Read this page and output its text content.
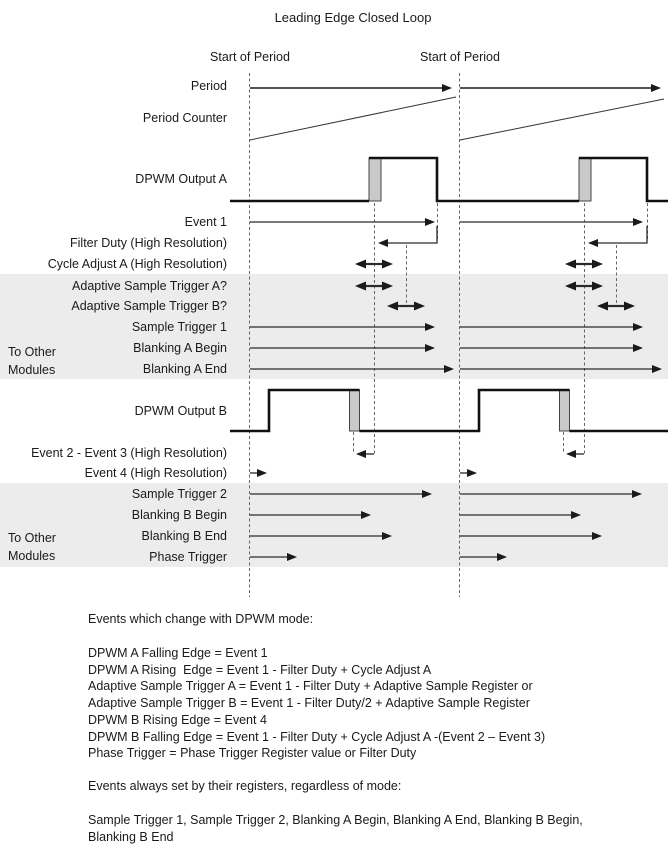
Leading Edge Closed Loop
Start of Period	Start of Period
Period
Period Counter
DPWM Output A
Event 1
Filter Duty (High Resolution)
Cycle Adjust A (High Resolution)
Adaptive Sample Trigger A?
Adaptive Sample Trigger B?
Sample Trigger 1
Blanking A Begin
Blanking A End
To Other Modules
DPWM Output B
Event 2 - Event 3 (High Resolution)
Event 4 (High Resolution)
Sample Trigger 2
Blanking B Begin
Blanking B End
Phase Trigger
To Other Modules
Events which change with DPWM mode:
DPWM A Falling Edge = Event 1
DPWM A Rising  Edge = Event 1 - Filter Duty + Cycle Adjust A
Adaptive Sample Trigger A = Event 1 - Filter Duty + Adaptive Sample Register or
Adaptive Sample Trigger B = Event 1 - Filter Duty/2 + Adaptive Sample Register
DPWM B Rising Edge = Event 4
DPWM B Falling Edge = Event 1 - Filter Duty + Cycle Adjust A -(Event 2 – Event 3)
Phase Trigger = Phase Trigger Register value or Filter Duty
Events always set by their registers, regardless of mode:
Sample Trigger 1, Sample Trigger 2, Blanking A Begin, Blanking A End, Blanking B Begin, Blanking B End
